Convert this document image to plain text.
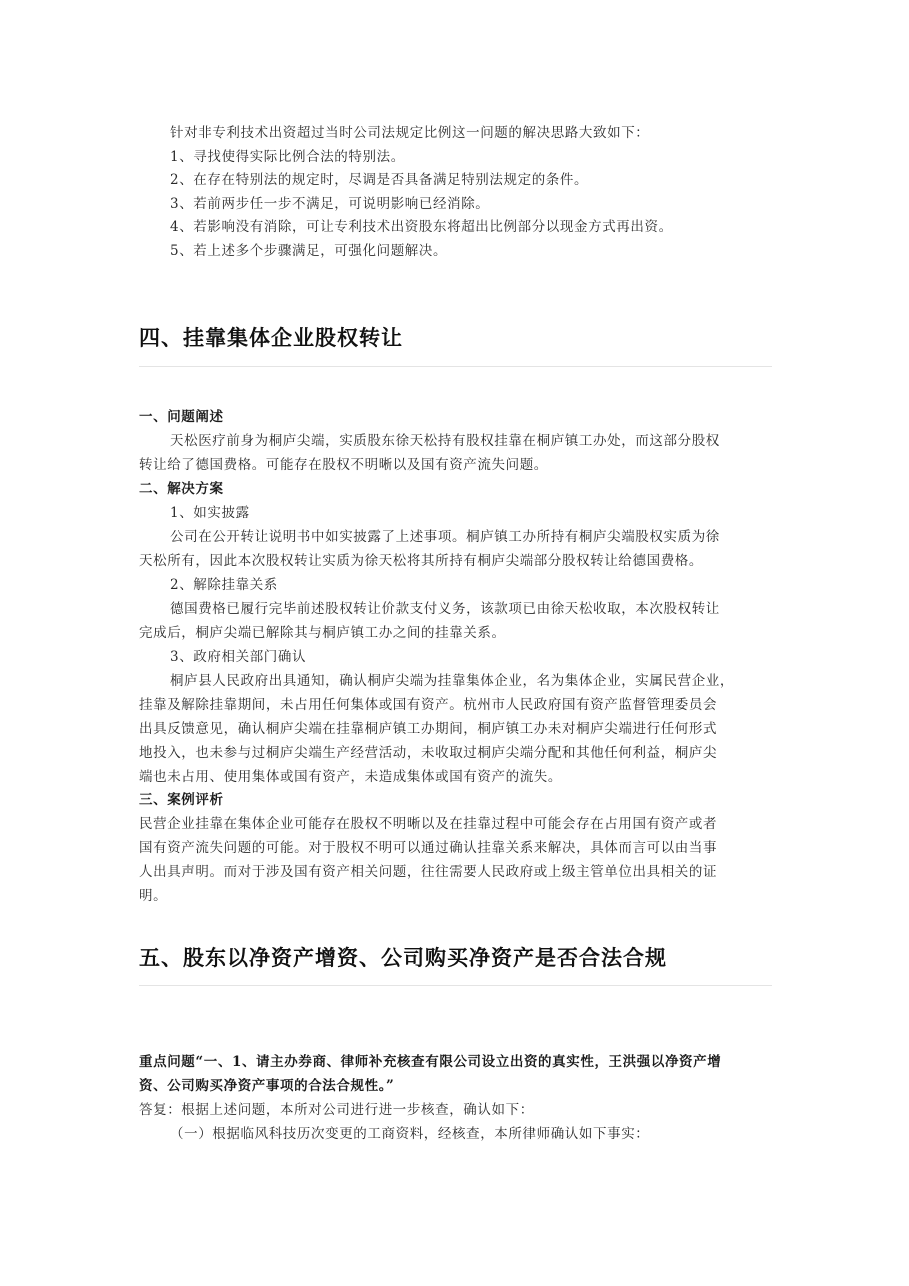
针对非专利技术出资超过当时公司法规定比例这一问题的解决思路大致如下：
1、寻找使得实际比例合法的特别法。
2、在存在特别法的规定时，尽调是否具备满足特别法规定的条件。
3、若前两步任一步不满足，可说明影响已经消除。
4、若影响没有消除，可让专利技术出资股东将超出比例部分以现金方式再出资。
5、若上述多个步骤满足，可强化问题解决。
四、挂靠集体企业股权转让
一、问题阐述
天松医疗前身为桐庐尖端，实质股东徐天松持有股权挂靠在桐庐镇工办处，而这部分股权
转让给了德国费格。可能存在股权不明晰以及国有资产流失问题。
二、解决方案
1、如实披露
公司在公开转让说明书中如实披露了上述事项。桐庐镇工办所持有桐庐尖端股权实质为徐
天松所有，因此本次股权转让实质为徐天松将其所持有桐庐尖端部分股权转让给德国费格。
2、解除挂靠关系
德国费格已履行完毕前述股权转让价款支付义务，该款项已由徐天松收取，本次股权转让
完成后，桐庐尖端已解除其与桐庐镇工办之间的挂靠关系。
3、政府相关部门确认
桐庐县人民政府出具通知，确认桐庐尖端为挂靠集体企业，名为集体企业，实属民营企业，
挂靠及解除挂靠期间，未占用任何集体或国有资产。杭州市人民政府国有资产监督管理委员会
出具反馈意见，确认桐庐尖端在挂靠桐庐镇工办期间，桐庐镇工办未对桐庐尖端进行任何形式
地投入，也未参与过桐庐尖端生产经营活动，未收取过桐庐尖端分配和其他任何利益，桐庐尖
端也未占用、使用集体或国有资产，未造成集体或国有资产的流失。
三、案例评析
民营企业挂靠在集体企业可能存在股权不明晰以及在挂靠过程中可能会存在占用国有资产或者
国有资产流失问题的可能。对于股权不明可以通过确认挂靠关系来解决，具体而言可以由当事
人出具声明。而对于涉及国有资产相关问题，往往需要人民政府或上级主管单位出具相关的证
明。
五、股东以净资产增资、公司购买净资产是否合法合规
重点问题“一、1、请主办券商、律师补充核查有限公司设立出资的真实性，王洪强以净资产增
资、公司购买净资产事项的合法合规性。”
答复：根据上述问题，本所对公司进行进一步核查，确认如下：
（一）根据临风科技历次变更的工商资料，经核查，本所律师确认如下事实：
